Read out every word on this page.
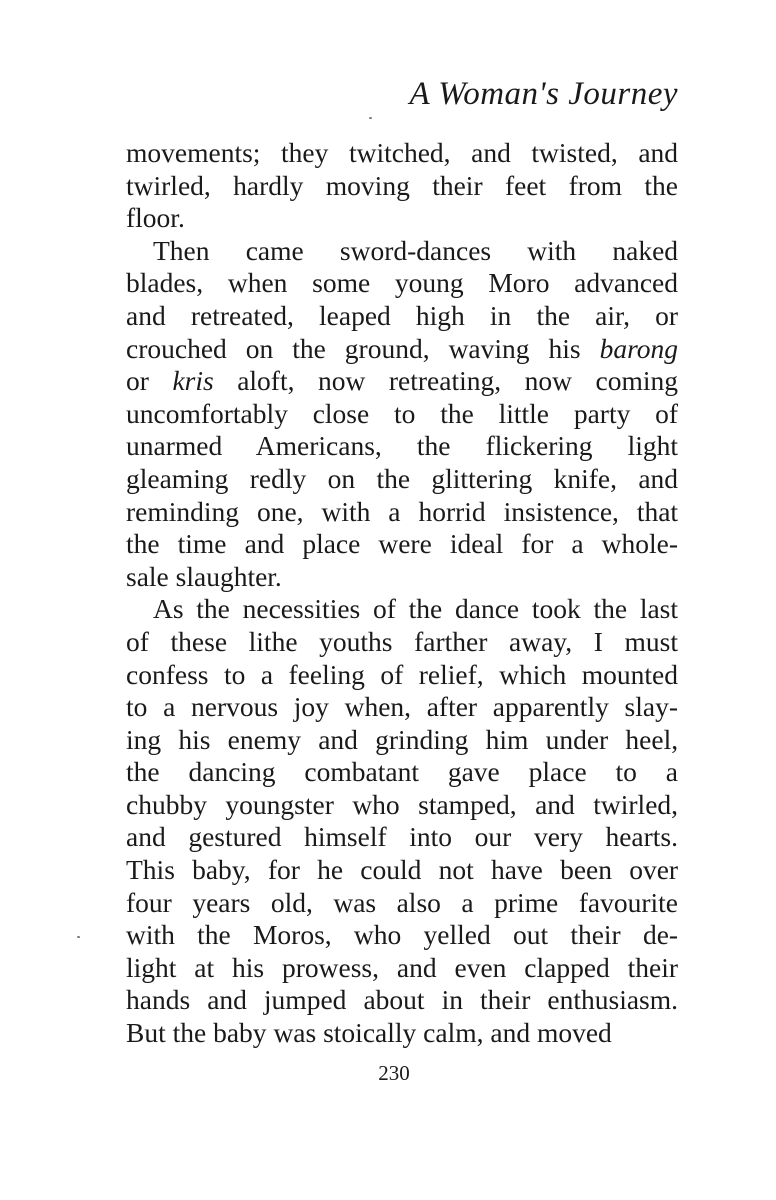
A Woman's Journey
movements; they twitched, and twisted, and
twirled, hardly moving their feet from the
floor.
Then came sword-dances with naked
blades, when some young Moro advanced
and retreated, leaped high in the air, or
crouched on the ground, waving his barong
or kris aloft, now retreating, now coming
uncomfortably close to the little party of
unarmed Americans, the flickering light
gleaming redly on the glittering knife, and
reminding one, with a horrid insistence, that
the time and place were ideal for a whole-
sale slaughter.
As the necessities of the dance took the last
of these lithe youths farther away, I must
confess to a feeling of relief, which mounted
to a nervous joy when, after apparently slay-
ing his enemy and grinding him under heel,
the dancing combatant gave place to a
chubby youngster who stamped, and twirled,
and gestured himself into our very hearts.
This baby, for he could not have been over
four years old, was also a prime favourite
with the Moros, who yelled out their de-
light at his prowess, and even clapped their
hands and jumped about in their enthusiasm.
But the baby was stoically calm, and moved
230
